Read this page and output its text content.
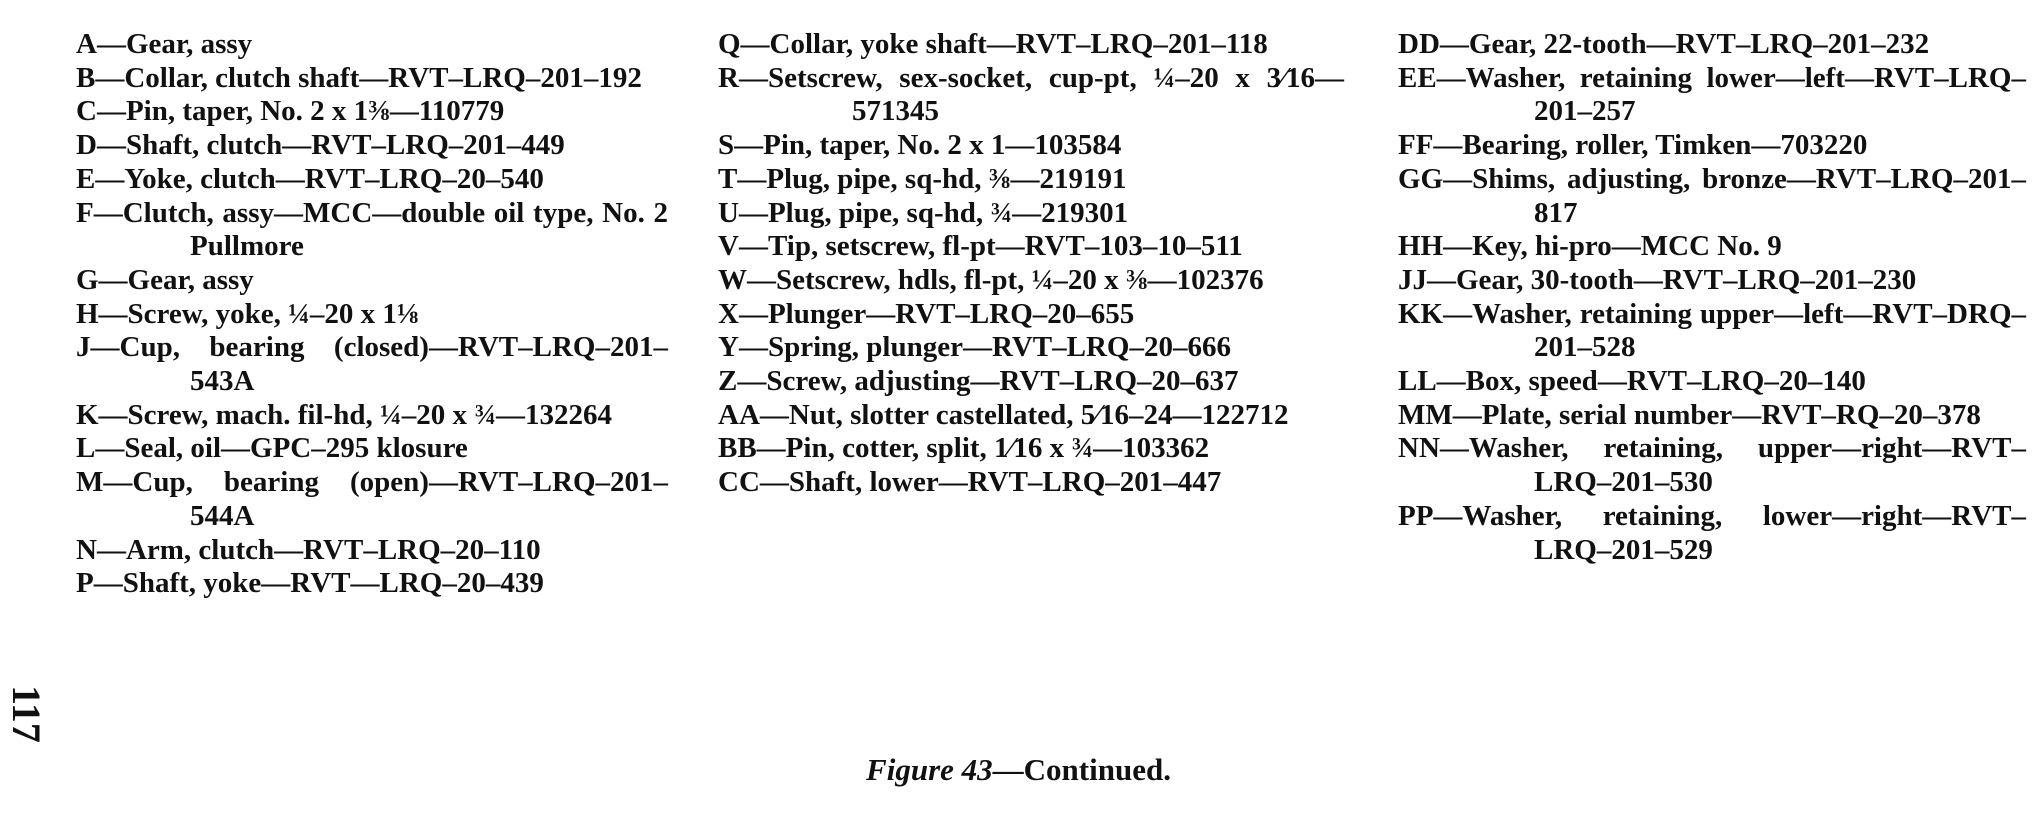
117
A—Gear, assy
B—Collar, clutch shaft—RVT–LRQ–201–192
C—Pin, taper, No. 2 x 1⅜—110779
D—Shaft, clutch—RVT–LRQ–201–449
E—Yoke, clutch—RVT–LRQ–20–540
F—Clutch, assy—MCC—double oil type, No. 2 Pullmore
G—Gear, assy
H—Screw, yoke, ¼–20 x 1⅛
J—Cup, bearing (closed)—RVT–LRQ–201–543A
K—Screw, mach. fil-hd, ¼–20 x ¾—132264
L—Seal, oil—GPC–295 klosure
M—Cup, bearing (open)—RVT–LRQ–201–544A
N—Arm, clutch—RVT–LRQ–20–110
P—Shaft, yoke—RVT—LRQ–20–439
Q—Collar, yoke shaft—RVT–LRQ–201–118
R—Setscrew, sex-socket, cup-pt, ¼–20 x 3⁄16—571345
S—Pin, taper, No. 2 x 1—103584
T—Plug, pipe, sq-hd, ⅜—219191
U—Plug, pipe, sq-hd, ¾—219301
V—Tip, setscrew, fl-pt—RVT–103–10–511
W—Setscrew, hdls, fl-pt, ¼–20 x ⅜—102376
X—Plunger—RVT–LRQ–20–655
Y—Spring, plunger—RVT–LRQ–20–666
Z—Screw, adjusting—RVT–LRQ–20–637
AA—Nut, slotter castellated, 5⁄16–24—122712
BB—Pin, cotter, split, 1⁄16 x ¾—103362
CC—Shaft, lower—RVT–LRQ–201–447
DD—Gear, 22-tooth—RVT–LRQ–201–232
EE—Washer, retaining lower—left—RVT–LRQ–201–257
FF—Bearing, roller, Timken—703220
GG—Shims, adjusting, bronze—RVT–LRQ–201–817
HH—Key, hi-pro—MCC No. 9
JJ—Gear, 30-tooth—RVT–LRQ–201–230
KK—Washer, retaining upper—left—RVT–DRQ–201–528
LL—Box, speed—RVT–LRQ–20–140
MM—Plate, serial number—RVT–RQ–20–378
NN—Washer, retaining, upper—right—RVT–LRQ–201–530
PP—Washer, retaining, lower—right—RVT–LRQ–201–529
Figure 43—Continued.
